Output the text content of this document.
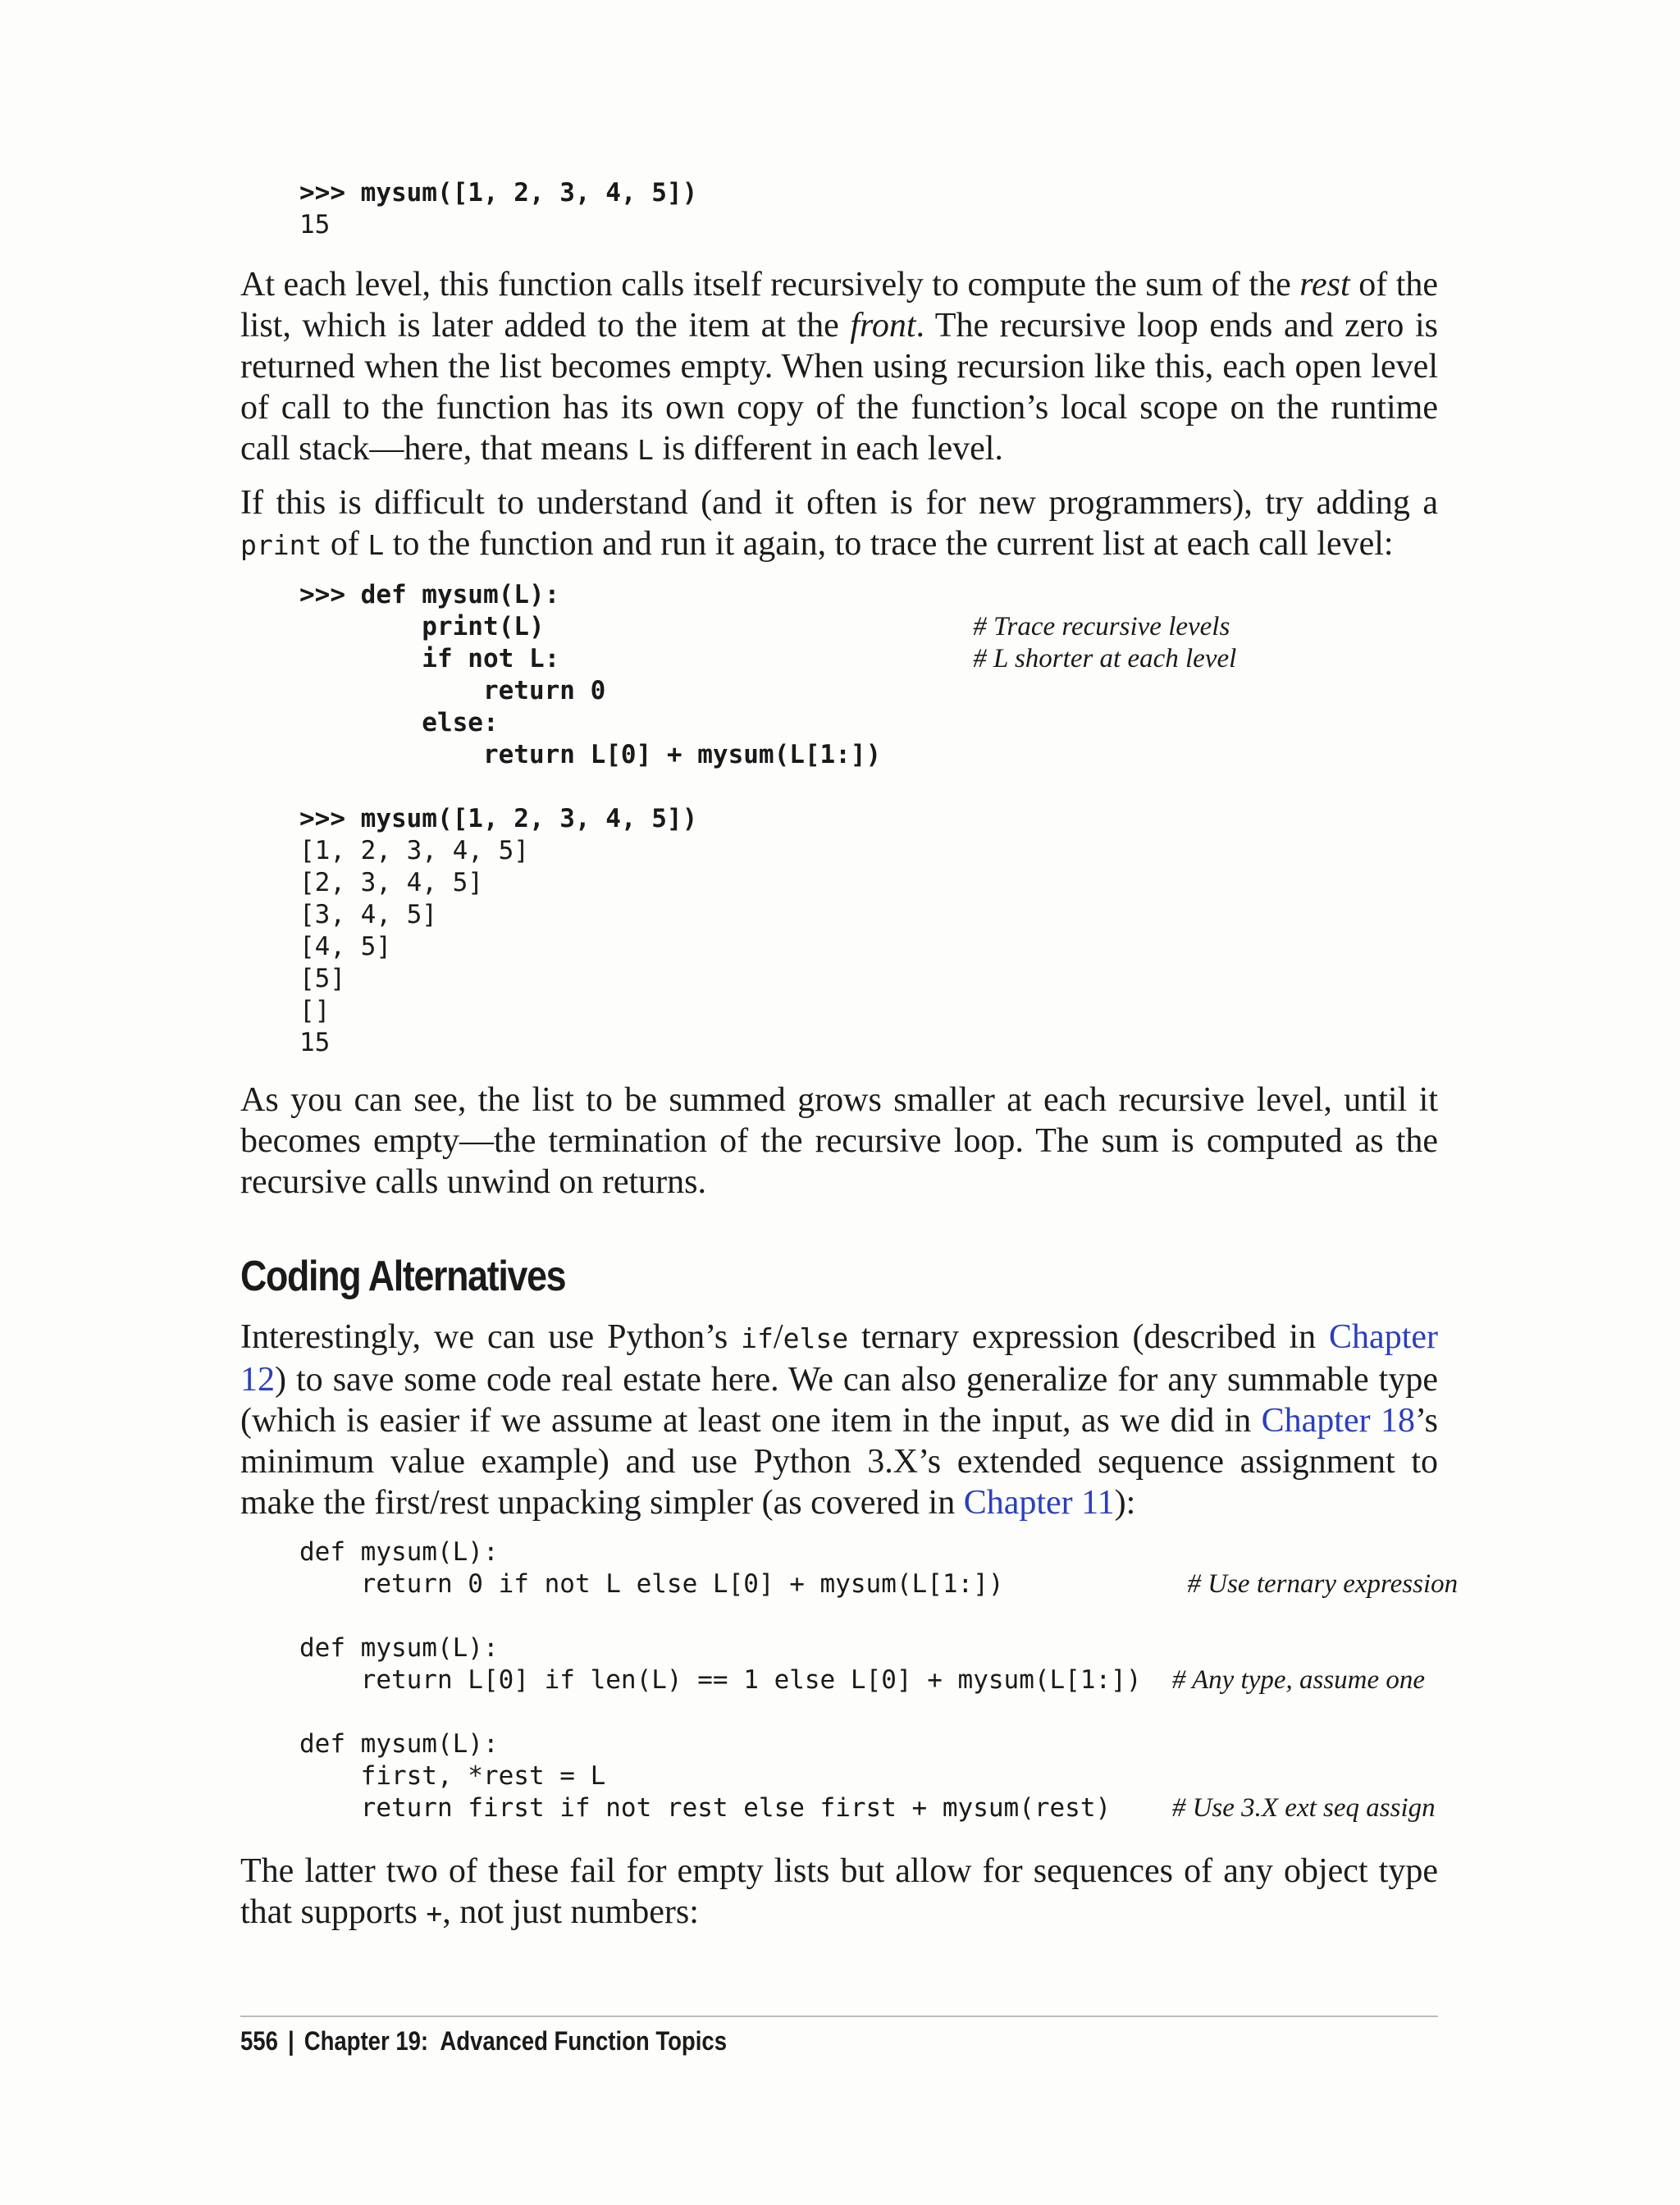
>>> mysum([1, 2, 3, 4, 5])
15

At each level, this function calls itself recursively to compute the sum of the rest of the list, which is later added to the item at the front. The recursive loop ends and zero is returned when the list becomes empty. When using recursion like this, each open level of call to the function has its own copy of the function’s local scope on the runtime call stack—here, that means L is different in each level.

If this is difficult to understand (and it often is for new programmers), try adding a print of L to the function and run it again, to trace the current list at each call level:

>>> def mysum(L):
print(L)	# Trace recursive levels
if not L:	# L shorter at each level
return 0
else:
return L[0] + mysum(L[1:])

>>> mysum([1, 2, 3, 4, 5])
[1, 2, 3, 4, 5]
[2, 3, 4, 5]
[3, 4, 5]
[4, 5]
[5]
[]
15

As you can see, the list to be summed grows smaller at each recursive level, until it becomes empty—the termination of the recursive loop. The sum is computed as the recursive calls unwind on returns.

Coding Alternatives

Interestingly, we can use Python’s if/else ternary expression (described in Chapter 12) to save some code real estate here. We can also generalize for any summable type (which is easier if we assume at least one item in the input, as we did in Chapter 18’s minimum value example) and use Python 3.X’s extended sequence assignment to make the first/rest unpacking simpler (as covered in Chapter 11):

def mysum(L):
return 0 if not L else L[0] + mysum(L[1:])	# Use ternary expression

def mysum(L):
return L[0] if len(L) == 1 else L[0] + mysum(L[1:]) # Any type, assume one

def mysum(L):
first, *rest = L
return first if not rest else first + mysum(rest) # Use 3.X ext seq assign

The latter two of these fail for empty lists but allow for sequences of any object type that supports +, not just numbers:

556 | Chapter 19:  Advanced Function Topics
